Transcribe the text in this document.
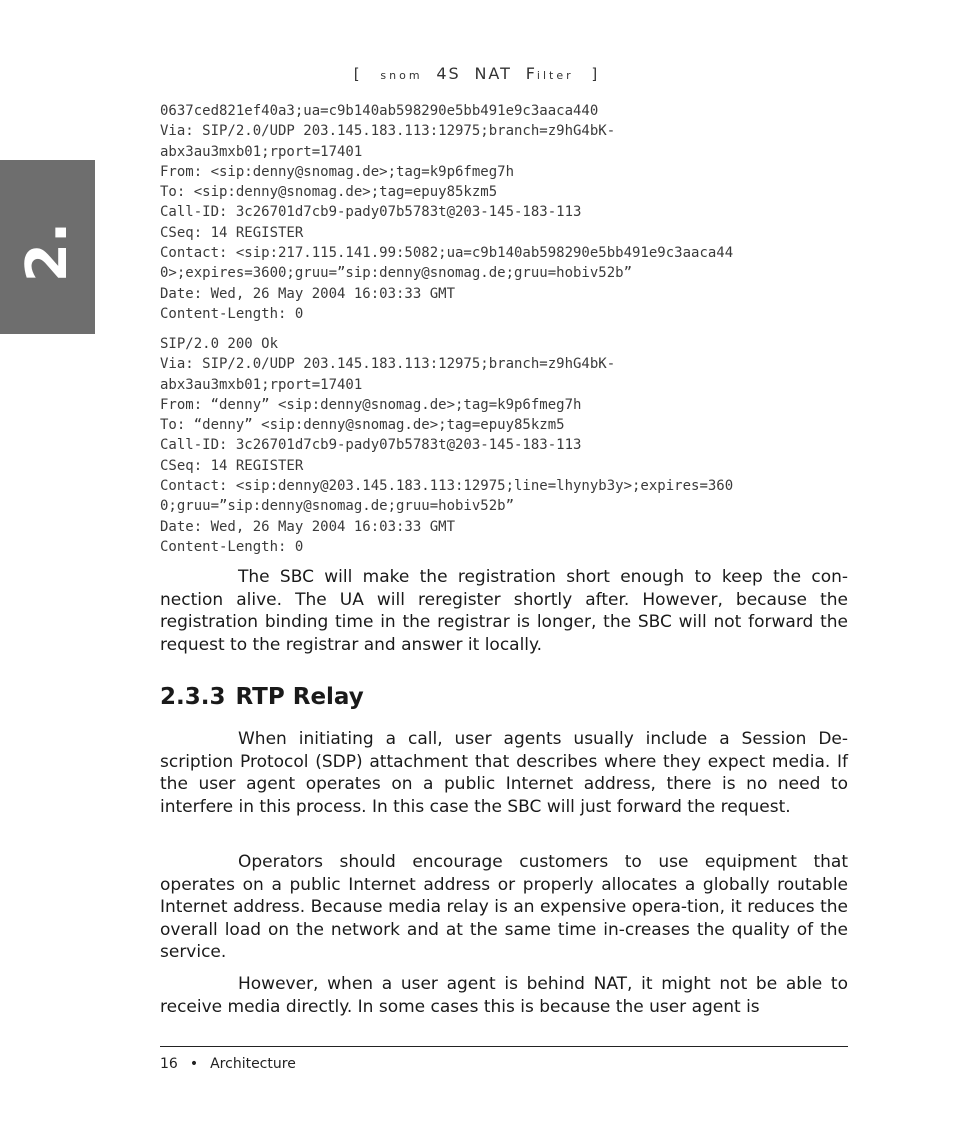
[ snom 4S NAT Filter ]
2.
0637ced821ef40a3;ua=c9b140ab598290e5bb491e9c3aaca440
Via: SIP/2.0/UDP 203.145.183.113:12975;branch=z9hG4bK-
abx3au3mxb01;rport=17401
From: <sip:denny@snomag.de>;tag=k9p6fmeg7h
To: <sip:denny@snomag.de>;tag=epuy85kzm5
Call-ID: 3c26701d7cb9-pady07b5783t@203-145-183-113
CSeq: 14 REGISTER
Contact: <sip:217.115.141.99:5082;ua=c9b140ab598290e5bb491e9c3aaca44
0>;expires=3600;gruu=”sip:denny@snomag.de;gruu=hobiv52b”
Date: Wed, 26 May 2004 16:03:33 GMT
Content-Length: 0
SIP/2.0 200 Ok
Via: SIP/2.0/UDP 203.145.183.113:12975;branch=z9hG4bK-
abx3au3mxb01;rport=17401
From: “denny” <sip:denny@snomag.de>;tag=k9p6fmeg7h
To: “denny” <sip:denny@snomag.de>;tag=epuy85kzm5
Call-ID: 3c26701d7cb9-pady07b5783t@203-145-183-113
CSeq: 14 REGISTER
Contact: <sip:denny@203.145.183.113:12975;line=lhynyb3y>;expires=360
0;gruu=”sip:denny@snomag.de;gruu=hobiv52b”
Date: Wed, 26 May 2004 16:03:33 GMT
Content-Length: 0

The SBC will make the registration short enough to keep the con-nection alive. The UA will reregister shortly after. However, because the registration binding time in the registrar is longer, the SBC will not forward the request to the registrar and answer it locally.

2.3.3 RTP Relay

When initiating a call, user agents usually include a Session De-scription Protocol (SDP) attachment that describes where they expect media. If the user agent operates on a public Internet address, there is no need to interfere in this process. In this case the SBC will just forward the request.

Operators should encourage customers to use equipment that operates on a public Internet address or properly allocates a globally routable Internet address. Because media relay is an expensive opera-tion, it reduces the overall load on the network and at the same time in-creases the quality of the service.

However, when a user agent is behind NAT, it might not be able to receive media directly. In some cases this is because the user agent is

16 • Architecture
